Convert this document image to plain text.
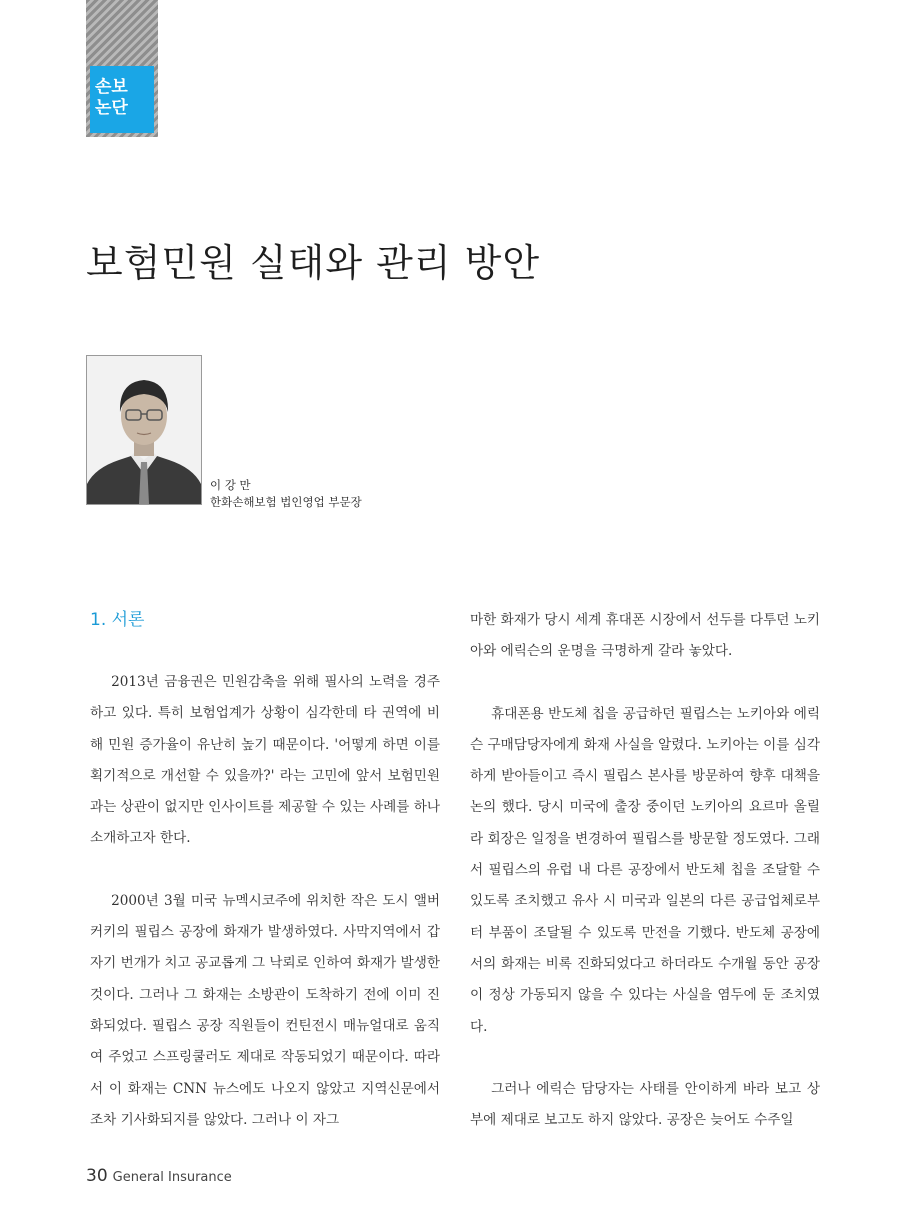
손보
논단
보험민원 실태와 관리 방안
이 강 만
한화손해보험 법인영업 부문장
1. 서론

2013년 금융권은 민원감축을 위해 필사의 노력을 경주하고 있다. 특히 보험업계가 상황이 심각한데 타 권역에 비해 민원 증가율이 유난히 높기 때문이다. '어떻게 하면 이를 획기적으로 개선할 수 있을까?' 라는 고민에 앞서 보험민원과는 상관이 없지만 인사이트를 제공할 수 있는 사례를 하나 소개하고자 한다.

2000년 3월 미국 뉴멕시코주에 위치한 작은 도시 앨버커키의 필립스 공장에 화재가 발생하였다. 사막지역에서 갑자기 번개가 치고 공교롭게 그 낙뢰로 인하여 화재가 발생한 것이다. 그러나 그 화재는 소방관이 도착하기 전에 이미 진화되었다. 필립스 공장 직원들이 컨틴전시 매뉴얼대로 움직여 주었고 스프링쿨러도 제대로 작동되었기 때문이다. 따라서 이 화재는 CNN 뉴스에도 나오지 않았고 지역신문에서조차 기사화되지를 않았다. 그러나 이 자그

마한 화재가 당시 세계 휴대폰 시장에서 선두를 다투던 노키아와 에릭슨의 운명을 극명하게 갈라 놓았다.

휴대폰용 반도체 칩을 공급하던 필립스는 노키아와 에릭슨 구매담당자에게 화재 사실을 알렸다. 노키아는 이를 심각하게 받아들이고 즉시 필립스 본사를 방문하여 향후 대책을 논의 했다. 당시 미국에 출장 중이던 노키아의 요르마 올릴라 회장은 일정을 변경하여 필립스를 방문할 정도였다. 그래서 필립스의 유럽 내 다른 공장에서 반도체 칩을 조달할 수 있도록 조치했고 유사 시 미국과 일본의 다른 공급업체로부터 부품이 조달될 수 있도록 만전을 기했다. 반도체 공장에서의 화재는 비록 진화되었다고 하더라도 수개월 동안 공장이 정상 가동되지 않을 수 있다는 사실을 염두에 둔 조치였다.

그러나 에릭슨 담당자는 사태를 안이하게 바라 보고 상부에 제대로 보고도 하지 않았다. 공장은 늦어도 수주일

30 General Insurance
